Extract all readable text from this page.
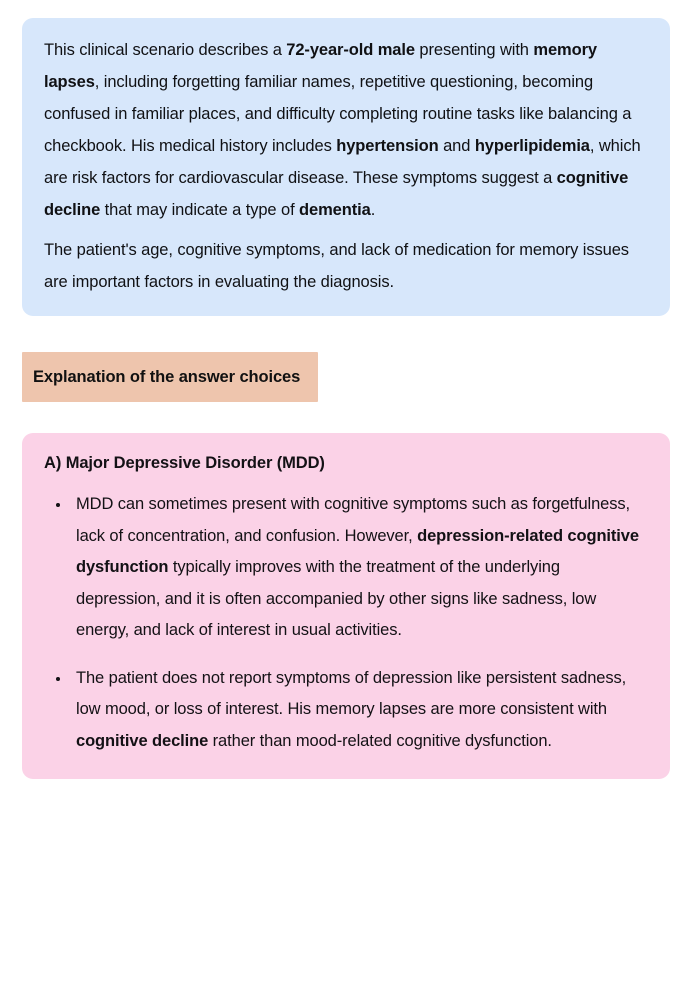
This clinical scenario describes a 72-year-old male presenting with memory lapses, including forgetting familiar names, repetitive questioning, becoming confused in familiar places, and difficulty completing routine tasks like balancing a checkbook. His medical history includes hypertension and hyperlipidemia, which are risk factors for cardiovascular disease. These symptoms suggest a cognitive decline that may indicate a type of dementia.

The patient's age, cognitive symptoms, and lack of medication for memory issues are important factors in evaluating the diagnosis.

Explanation of the answer choices

A) Major Depressive Disorder (MDD)

MDD can sometimes present with cognitive symptoms such as forgetfulness, lack of concentration, and confusion. However, depression-related cognitive dysfunction typically improves with the treatment of the underlying depression, and it is often accompanied by other signs like sadness, low energy, and lack of interest in usual activities.
The patient does not report symptoms of depression like persistent sadness, low mood, or loss of interest. His memory lapses are more consistent with cognitive decline rather than mood-related cognitive dysfunction.
